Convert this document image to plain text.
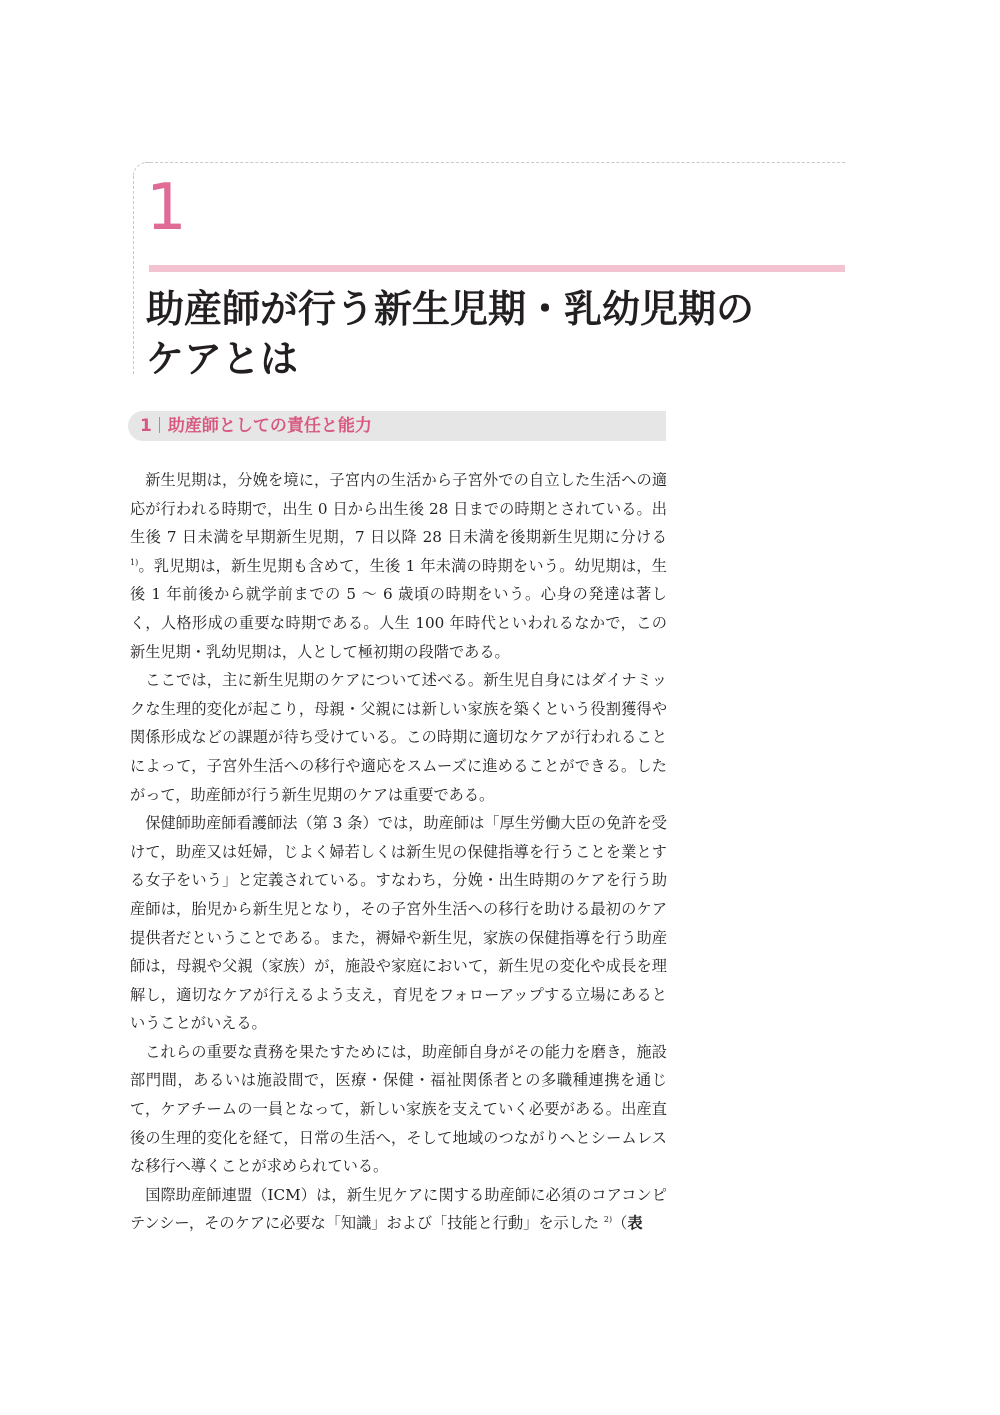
1
助産師が行う新生児期・乳幼児期の
ケアとは
1 助産師としての責任と能力

新生児期は，分娩を境に，子宮内の生活から子宮外での自立した生活への適応が行われる時期で，出生 0 日から出生後 28 日までの時期とされている。出生後 7 日未満を早期新生児期，7 日以降 28 日未満を後期新生児期に分ける $^{1)}$。乳児期は，新生児期も含めて，生後 1 年未満の時期をいう。幼児期は，生後 1 年前後から就学前までの 5 ～ 6 歳頃の時期をいう。心身の発達は著しく，人格形成の重要な時期である。人生 100 年時代といわれるなかで，この新生児期・乳幼児期は，人として極初期の段階である。

ここでは，主に新生児期のケアについて述べる。新生児自身にはダイナミックな生理的変化が起こり，母親・父親には新しい家族を築くという役割獲得や関係形成などの課題が待ち受けている。この時期に適切なケアが行われることによって，子宮外生活への移行や適応をスムーズに進めることができる。したがって，助産師が行う新生児期のケアは重要である。

保健師助産師看護師法（第 3 条）では，助産師は「厚生労働大臣の免許を受けて，助産又は妊婦，じよく婦若しくは新生児の保健指導を行うことを業とする女子をいう」と定義されている。すなわち，分娩・出生時期のケアを行う助産師は，胎児から新生児となり，その子宮外生活への移行を助ける最初のケア提供者だということである。また，褥婦や新生児，家族の保健指導を行う助産師は，母親や父親（家族）が，施設や家庭において，新生児の変化や成長を理解し，適切なケアが行えるよう支え，育児をフォローアップする立場にあるということがいえる。

これらの重要な責務を果たすためには，助産師自身がその能力を磨き，施設部門間，あるいは施設間で，医療・保健・福祉関係者との多職種連携を通じて，ケアチームの一員となって，新しい家族を支えていく必要がある。出産直後の生理的変化を経て，日常の生活へ，そして地域のつながりへとシームレスな移行へ導くことが求められている。

国際助産師連盟（ICM）は，新生児ケアに関する助産師に必須のコアコンピテンシー，そのケアに必要な「知識」および「技能と行動」を示した $^{2)}$（表
